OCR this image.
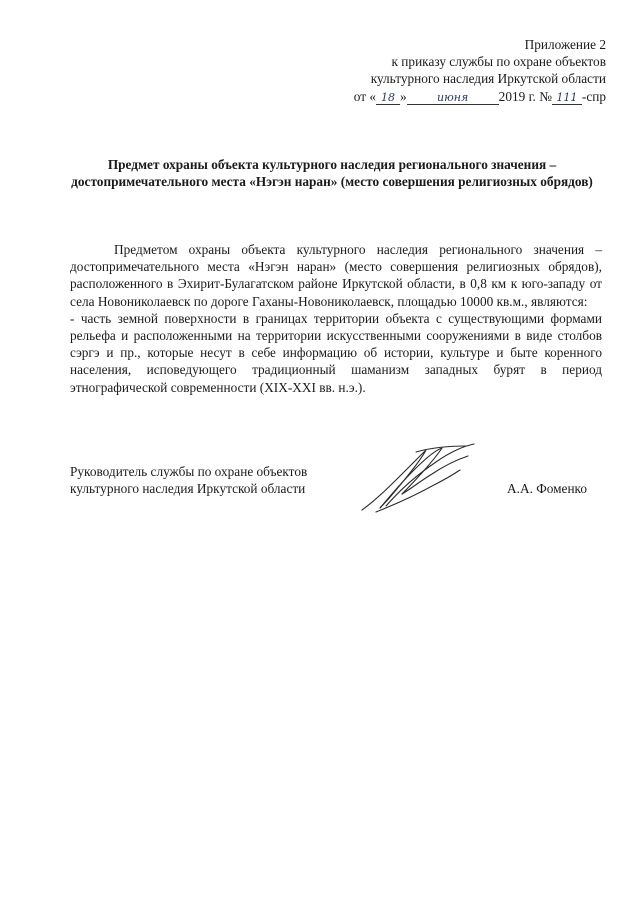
Приложение 2
к приказу службы по охране объектов
культурного наследия Иркутской области
от « 18 »	июня 2019 г. № 111 -спр
Предмет охраны объекта культурного наследия регионального значения – достопримечательного места «Нэгэн наран» (место совершения религиозных обрядов)

Предметом охраны объекта культурного наследия регионального значения – достопримечательного места «Нэгэн наран» (место совершения религиозных обрядов), расположенного в Эхирит-Булагатском районе Иркутской области, в 0,8 км к юго-западу от села Новониколаевск по дороге Гаханы-Новониколаевск, площадью 10000 кв.м., являются:

- часть земной поверхности в границах территории объекта с существующими формами рельефа и расположенными на территории искусственными сооружениями в виде столбов сэргэ и пр., которые несут в себе информацию об истории, культуре и быте коренного населения, исповедующего традиционный шаманизм западных бурят в период этнографической современности (XIX-XXI вв. н.э.).

Руководитель службы по охране объектов
культурного наследия Иркутской области	А.А. Фоменко
